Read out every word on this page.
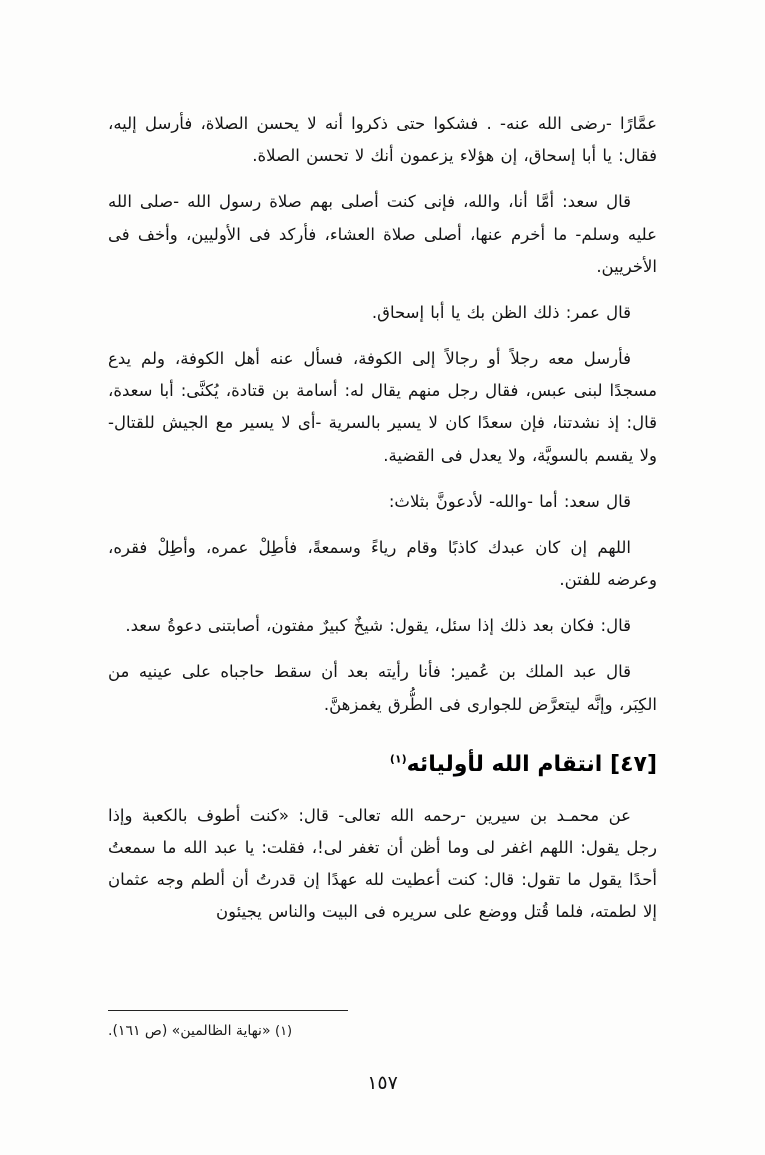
عمَّارًا -رضى الله عنه- . فشكوا حتى ذكروا أنه لا يحسن الصلاة، فأرسل إليه، فقال: يا أبا إسحاق، إن هؤلاء يزعمون أنك لا تحسن الصلاة.

قال سعد: أمَّا أنا، والله، فإنى كنت أصلى بهم صلاة رسول الله -صلى الله عليه وسلم- ما أخرم عنها، أصلى صلاة العشاء، فأركد فى الأوليين، وأخف فى الأخريين.

قال عمر: ذلك الظن بك يا أبا إسحاق.

فأرسل معه رجلاً أو رجالاً إلى الكوفة، فسأل عنه أهل الكوفة، ولم يدع مسجدًا لبنى عبس، فقال رجل منهم يقال له: أسامة بن قتادة، يُكنَّى: أبا سعدة، قال: إذ نشدتنا، فإن سعدًا كان لا يسير بالسرية -أى لا يسير مع الجيش للقتال- ولا يقسم بالسويَّة، ولا يعدل فى القضية.

قال سعد: أما -والله- لأدعونَّ بثلاث:

اللهم إن كان عبدك كاذبًا وقام رياءً وسمعةً، فأطِلْ عمره، وأطِلْ فقره، وعرضه للفتن.

قال: فكان بعد ذلك إذا سئل، يقول: شيخٌ كبيرٌ مفتون، أصابتنى دعوةُ سعد.

قال عبد الملك بن عُمير: فأنا رأيته بعد أن سقط حاجباه على عينيه من الكِبَر، وإنَّه ليتعرَّض للجوارى فى الطُّرق يغمزهنَّ.

[٤٧] انتقام الله لأوليائه$^{(١)}$

عن محمـد بن سيرين -رحمه الله تعالى- قال: «كنت أطوف بالكعبة وإذا رجل يقول: اللهم اغفر لى وما أظن أن تغفر لى!، فقلت: يا عبد الله ما سمعتُ أحدًا يقول ما تقول: قال: كنت أعطيت لله عهدًا إن قدرتُ أن ألطم وجه عثمان إلا لطمته، فلما قُتل ووضع على سريره فى البيت والناس يجيئون

(١) «نهاية الظالمين» (ص ١٦١).
١٥٧
